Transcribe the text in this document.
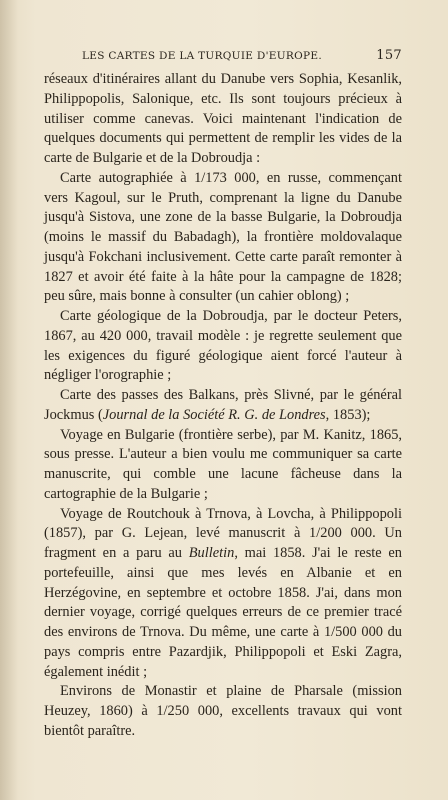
LES CARTES DE LA TURQUIE D'EUROPE.	157

réseaux d'itinéraires allant du Danube vers Sophia, Kesanlik, Philippopolis, Salonique, etc. Ils sont toujours précieux à utiliser comme canevas. Voici maintenant l'indication de quelques documents qui permettent de remplir les vides de la carte de Bulgarie et de la Dobroudja :

Carte autographiée à 1/173 000, en russe, commençant vers Kagoul, sur le Pruth, comprenant la ligne du Danube jusqu'à Sistova, une zone de la basse Bulgarie, la Dobroudja (moins le massif du Babadagh), la frontière moldovalaque jusqu'à Fokchani inclusivement. Cette carte paraît remonter à 1827 et avoir été faite à la hâte pour la campagne de 1828; peu sûre, mais bonne à consulter (un cahier oblong) ;

Carte géologique de la Dobroudja, par le docteur Peters, 1867, au 420 000, travail modèle : je regrette seulement que les exigences du figuré géologique aient forcé l'auteur à négliger l'orographie ;

Carte des passes des Balkans, près Slivné, par le général Jockmus (Journal de la Société R. G. de Londres, 1853);

Voyage en Bulgarie (frontière serbe), par M. Kanitz, 1865, sous presse. L'auteur a bien voulu me communiquer sa carte manuscrite, qui comble une lacune fâcheuse dans la cartographie de la Bulgarie ;

Voyage de Routchouk à Trnova, à Lovcha, à Philippopoli (1857), par G. Lejean, levé manuscrit à 1/200 000. Un fragment en a paru au Bulletin, mai 1858. J'ai le reste en portefeuille, ainsi que mes levés en Albanie et en Herzégovine, en septembre et octobre 1858. J'ai, dans mon dernier voyage, corrigé quelques erreurs de ce premier tracé des environs de Trnova. Du même, une carte à 1/500 000 du pays compris entre Pazardjik, Philippopoli et Eski Zagra, également inédit ;

Environs de Monastir et plaine de Pharsale (mission Heuzey, 1860) à 1/250 000, excellents travaux qui vont bientôt paraître.
